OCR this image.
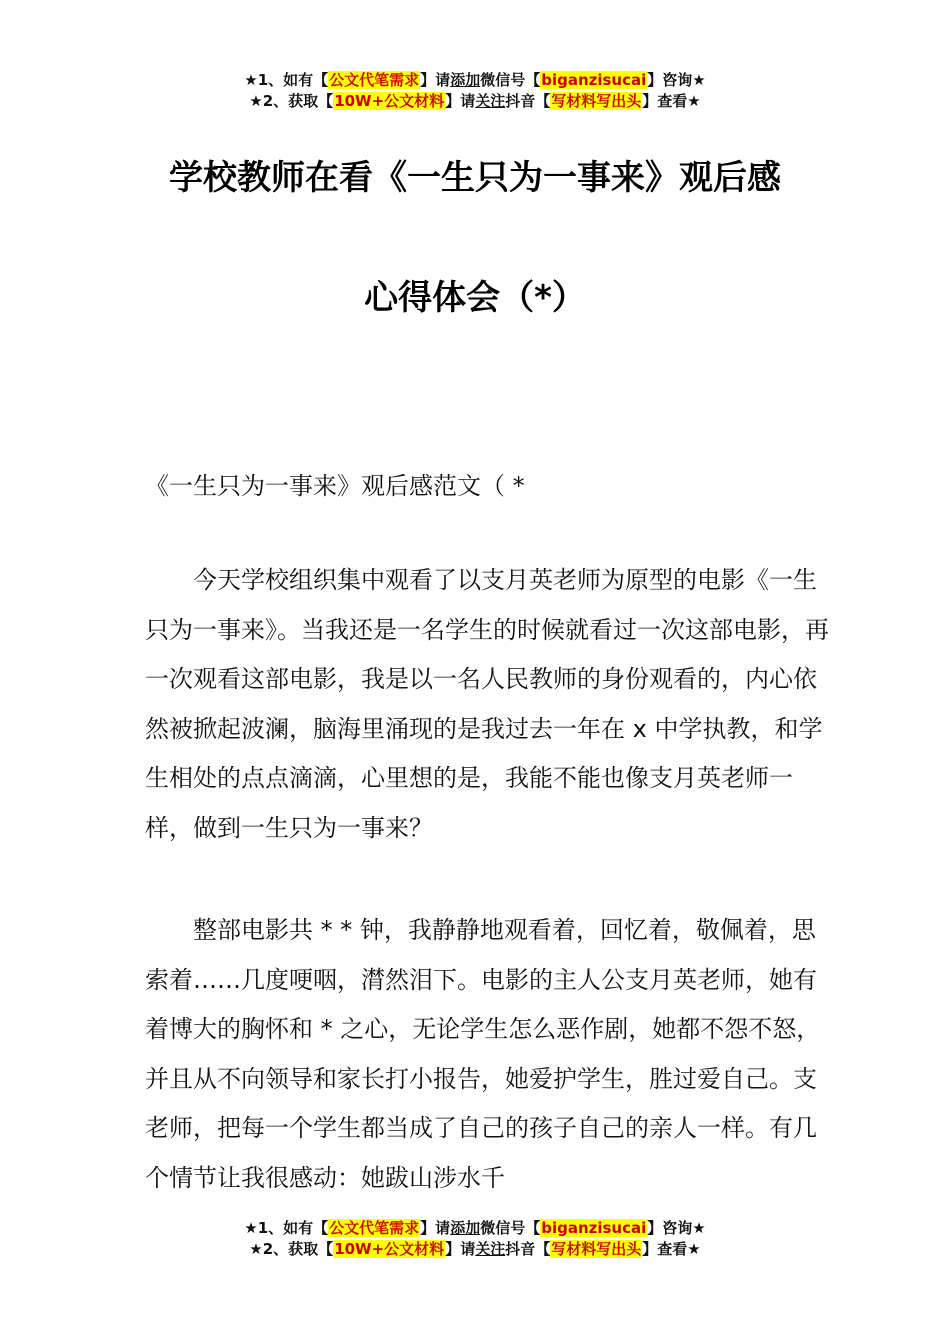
★1、如有【公文代笔需求】请添加微信号【biganzisucai】咨询★
★2、获取【10W+公文材料】请关注抖音【写材料写出头】查看★
学校教师在看《一生只为一事来》观后感
心得体会（*）
《一生只为一事来》观后感范文（ *

今天学校组织集中观看了以支月英老师为原型的电影《一生只为一事来》。当我还是一名学生的时候就看过一次这部电影，再一次观看这部电影，我是以一名人民教师的身份观看的，内心依然被掀起波澜，脑海里涌现的是我过去一年在 x 中学执教，和学生相处的点点滴滴，心里想的是，我能不能也像支月英老师一样，做到一生只为一事来？

整部电影共 * * 钟，我静静地观看着，回忆着，敬佩着，思索着……几度哽咽，潸然泪下。电影的主人公支月英老师，她有着博大的胸怀和 * 之心，无论学生怎么恶作剧，她都不怨不怒，并且从不向领导和家长打小报告，她爱护学生，胜过爱自己。支老师，把每一个学生都当成了自己的孩子自己的亲人一样。有几个情节让我很感动：她跋山涉水千

★1、如有【公文代笔需求】请添加微信号【biganzisucai】咨询★
★2、获取【10W+公文材料】请关注抖音【写材料写出头】查看★
